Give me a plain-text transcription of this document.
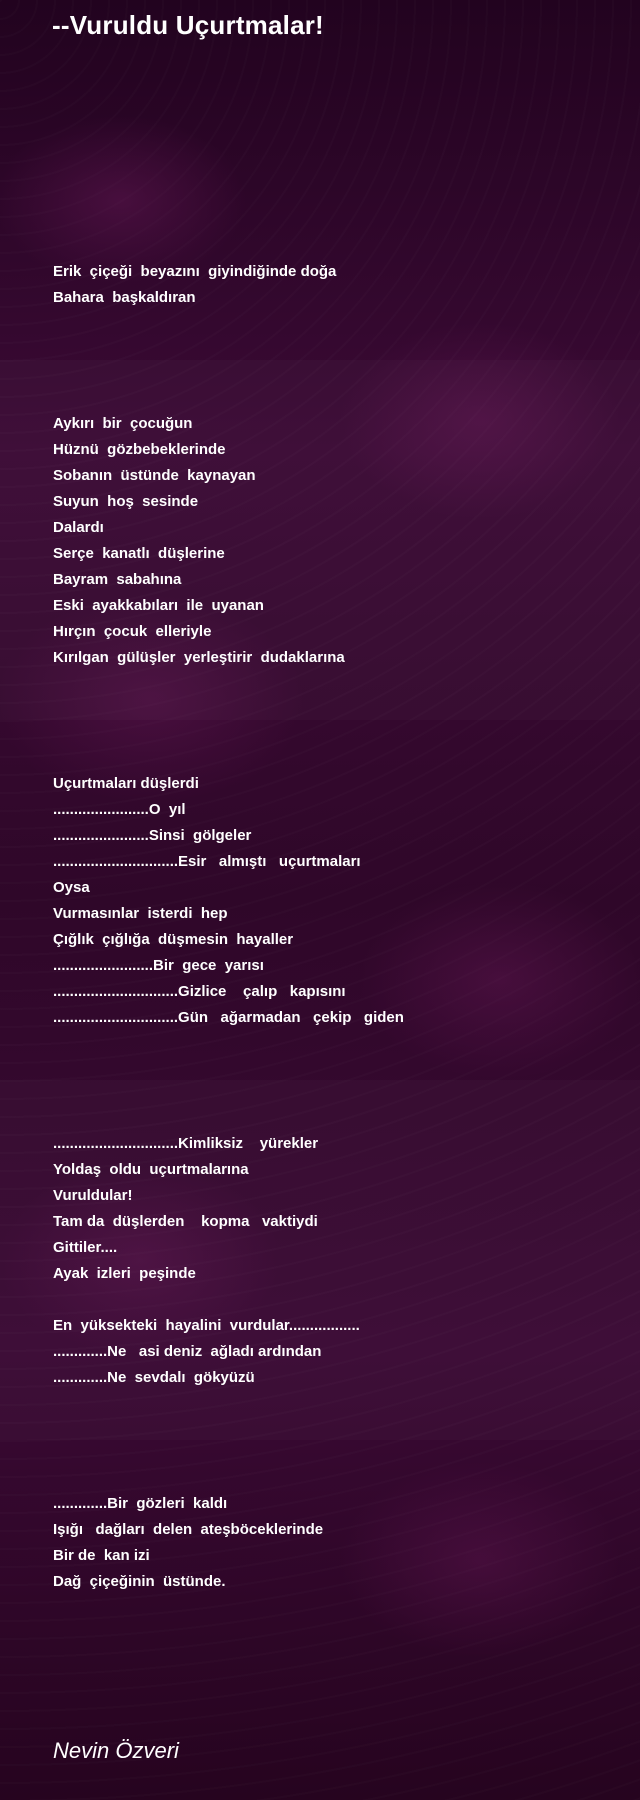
--Vuruldu Uçurtmalar!
Erik  çiçeği  beyazını  giyindiğinde doğa
Bahara  başkaldıran
Aykırı  bir  çocuğun
Hüznü  gözbebeklerinde
Sobanın  üstünde  kaynayan
Suyun  hoş  sesinde
Dalardı
Serçe  kanatlı  düşlerine
Bayram  sabahına
Eski  ayakkabıları  ile  uyanan
Hırçın  çocuk  elleriyle
Kırılgan  gülüşler  yerleştirir  dudaklarına
Uçurtmaları düşlerdi
.......................O  yıl
.......................Sinsi  gölgeler
..............................Esir   almıştı   uçurtmaları
Oysa
Vurmasınlar  isterdi  hep
Çığlık  çığlığa  düşmesin  hayaller
........................Bir  gece  yarısı
..............................Gizlice    çalıp   kapısını
..............................Gün   ağarmadan   çekip   giden
..............................Kimliksiz    yürekler
Yoldaş  oldu  uçurtmalarına
Vuruldular!
Tam da  düşlerden    kopma   vaktiydi
Gittiler....
Ayak  izleri  peşinde
En  yüksekteki  hayalini  vurdular.................
.............Ne   asi deniz  ağladı ardından
.............Ne  sevdalı  gökyüzü
.............Bir  gözleri  kaldı
Işığı   dağları  delen  ateşböceklerinde
Bir de  kan izi
Dağ  çiçeğinin  üstünde.
Nevin Özveri
